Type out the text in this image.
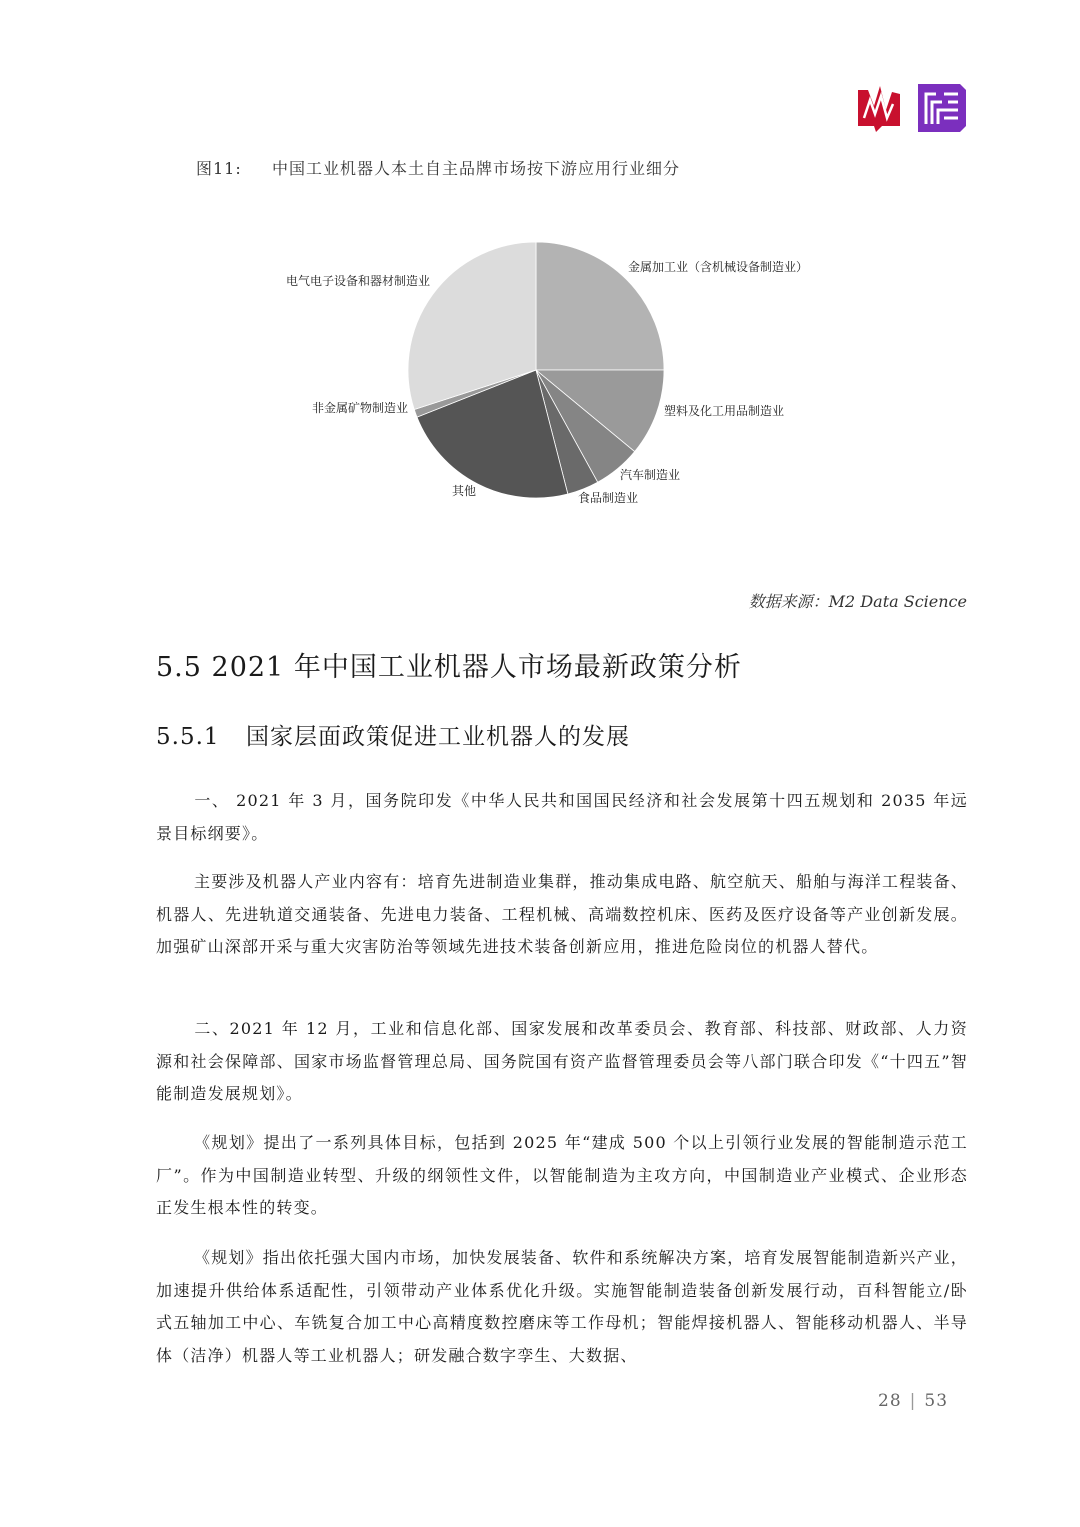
图11: 中国工业机器人本土自主品牌市场按下游应用行业细分
金属加工业（含机械设备制造业）
塑料及化工用品制造业
汽车制造业
食品制造业
其他
非金属矿物制造业
电气电子设备和器材制造业
数据来源：M2 Data Science
5.5 2021 年中国工业机器人市场最新政策分析
5.5.1 国家层面政策促进工业机器人的发展
一、 2021 年 3 月，国务院印发《中华人民共和国国民经济和社会发展第十四五规划和 2035 年远景目标纲要》。
主要涉及机器人产业内容有：培育先进制造业集群，推动集成电路、航空航天、船舶与海洋工程装备、机器人、先进轨道交通装备、先进电力装备、工程机械、高端数控机床、医药及医疗设备等产业创新发展。加强矿山深部开采与重大灾害防治等领域先进技术装备创新应用，推进危险岗位的机器人替代。
二、2021 年 12 月，工业和信息化部、国家发展和改革委员会、教育部、科技部、财政部、人力资源和社会保障部、国家市场监督管理总局、国务院国有资产监督管理委员会等八部门联合印发《“十四五”智能制造发展规划》。
《规划》提出了一系列具体目标，包括到 2025 年“建成 500 个以上引领行业发展的智能制造示范工厂”。作为中国制造业转型、升级的纲领性文件，以智能制造为主攻方向，中国制造业产业模式、企业形态正发生根本性的转变。
《规划》指出依托强大国内市场，加快发展装备、软件和系统解决方案，培育发展智能制造新兴产业，加速提升供给体系适配性，引领带动产业体系优化升级。实施智能制造装备创新发展行动，百科智能立/卧式五轴加工中心、车铣复合加工中心高精度数控磨床等工作母机；智能焊接机器人、智能移动机器人、半导体（洁净）机器人等工业机器人；研发融合数字孪生、大数据、
28 | 53
